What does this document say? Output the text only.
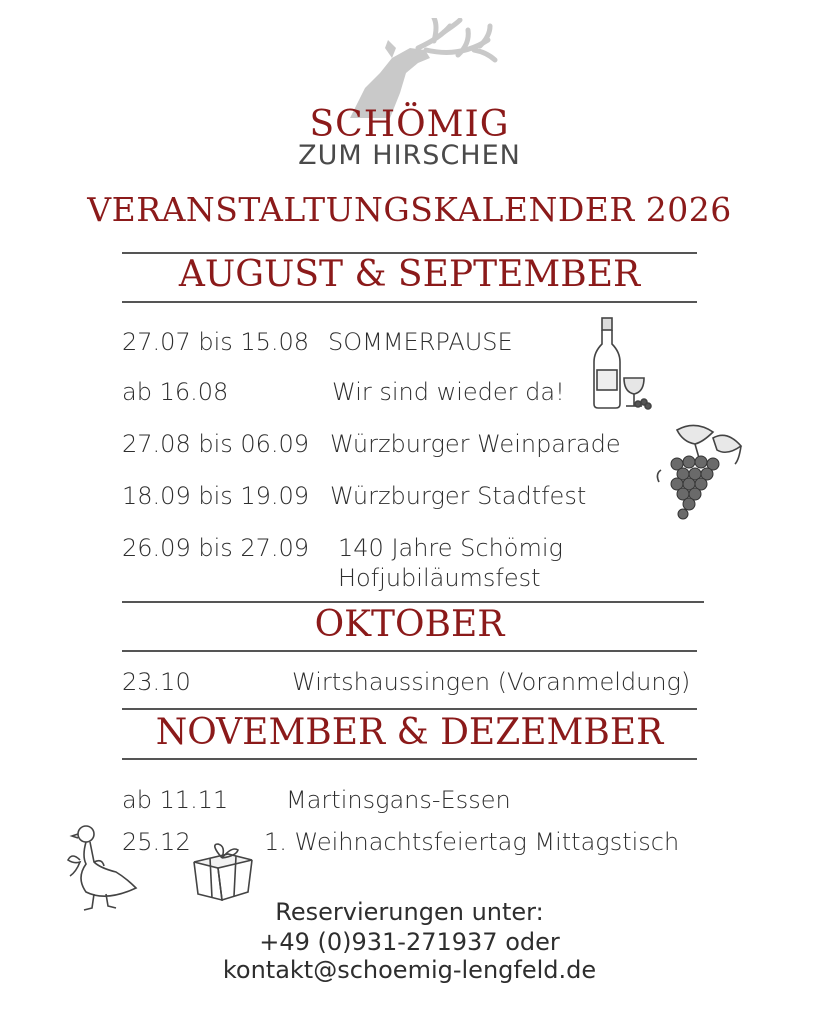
SCHÖMIG
ZUM HIRSCHEN
VERANSTALTUNGSKALENDER 2026
AUGUST & SEPTEMBER
27.07 bis 15.08 SOMMERPAUSE
ab 16.08	Wir sind wieder da!
27.08 bis 06.09 Würzburger Weinparade
18.09 bis 19.09 Würzburger Stadtfest
26.09 bis 27.09 140 Jahre Schömig
Hofjubiläumsfest
OKTOBER
23.10	Wirtshaussingen (Voranmeldung)
NOVEMBER & DEZEMBER
ab 11.11 Martinsgans-Essen
25.12	1. Weihnachtsfeiertag Mittagstisch
Reservierungen unter:
+49 (0)931-271937 oder
kontakt@schoemig-lengfeld.de
